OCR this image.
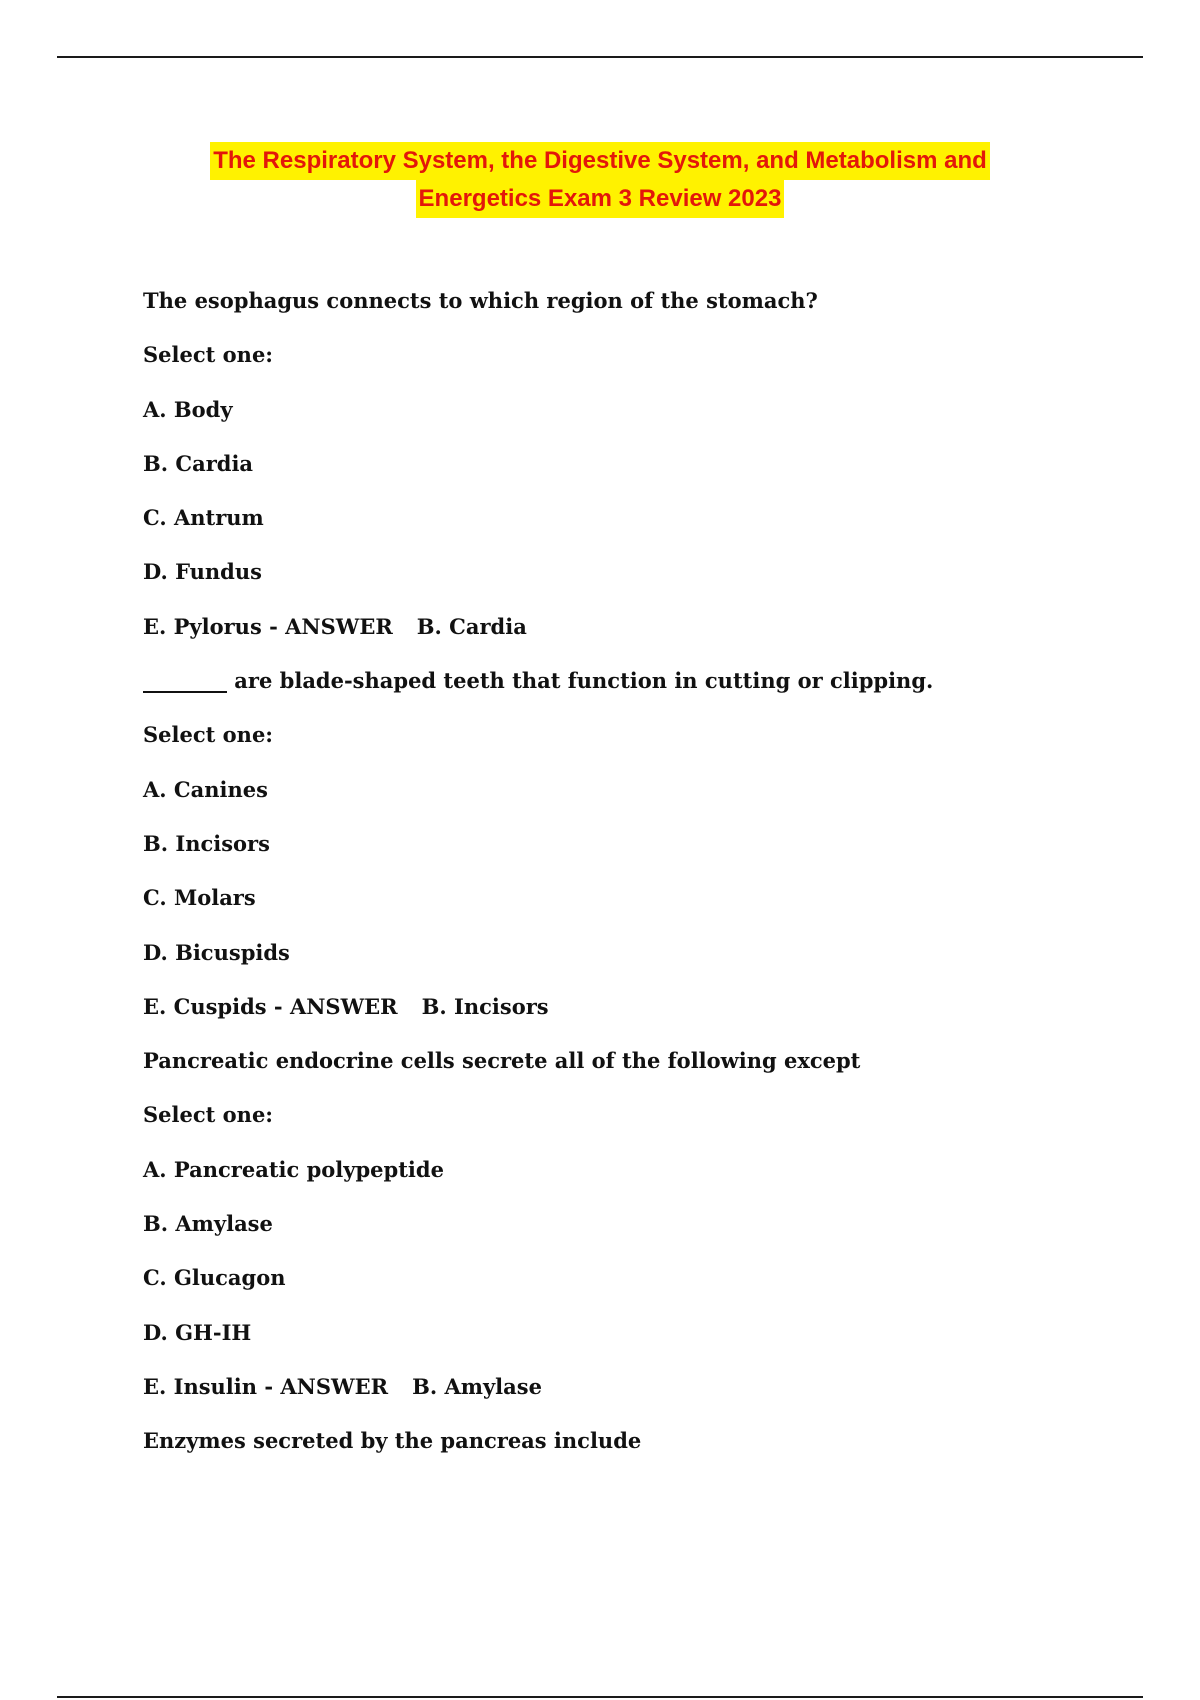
The Respiratory System, the Digestive System, and Metabolism and
Energetics Exam 3 Review 2023
The esophagus connects to which region of the stomach?
Select one:
A. Body
B. Cardia
C. Antrum
D. Fundus
E. Pylorus - ANSWER B. Cardia
________ are blade-shaped teeth that function in cutting or clipping.
Select one:
A. Canines
B. Incisors
C. Molars
D. Bicuspids
E. Cuspids - ANSWER B. Incisors
Pancreatic endocrine cells secrete all of the following except
Select one:
A. Pancreatic polypeptide
B. Amylase
C. Glucagon
D. GH-IH
E. Insulin - ANSWER B. Amylase
Enzymes secreted by the pancreas include
